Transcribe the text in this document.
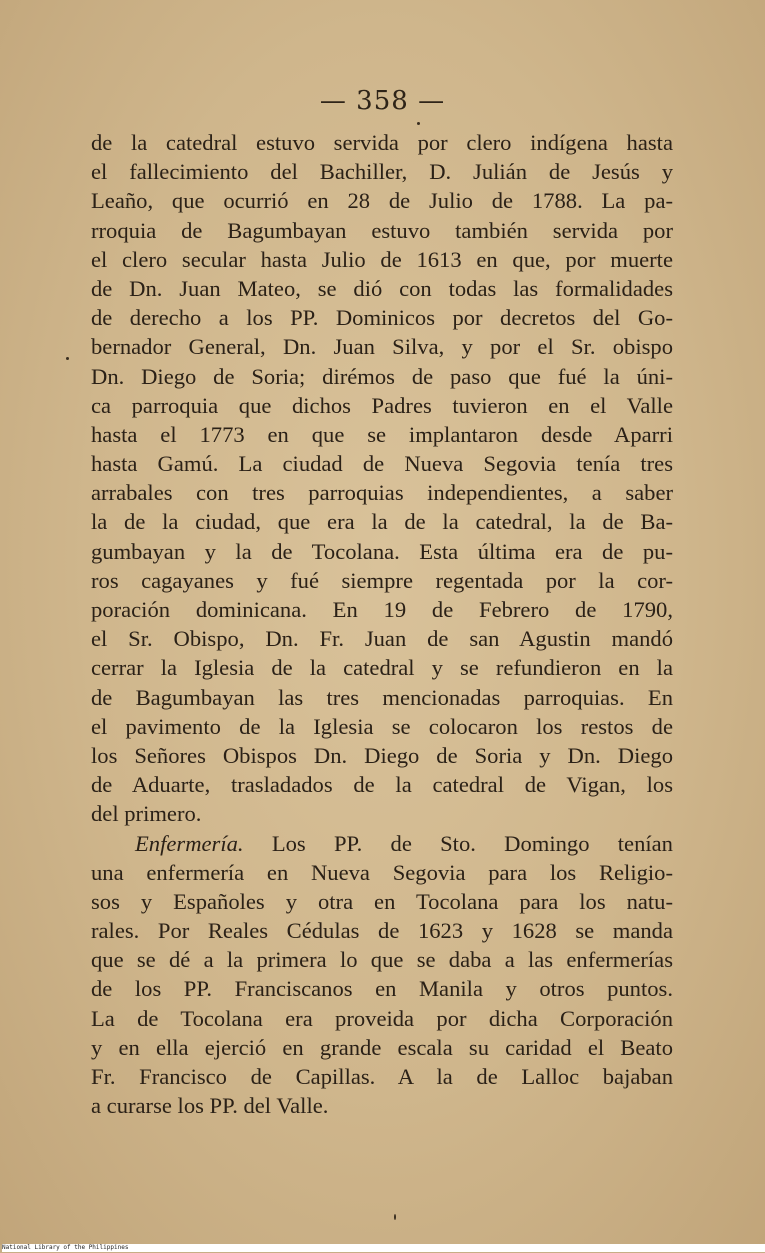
— 358 —
de la catedral estuvo servida por clero indígena hasta
el fallecimiento del Bachiller, D. Julián de Jesús y
Leaño, que ocurrió en 28 de Julio de 1788. La pa-
rroquia de Bagumbayan estuvo también servida por
el clero secular hasta Julio de 1613 en que, por muerte
de Dn. Juan Mateo, se dió con todas las formalidades
de derecho a los PP. Dominicos por decretos del Go-
bernador General, Dn. Juan Silva, y por el Sr. obispo
Dn. Diego de Soria; dirémos de paso que fué la úni-
ca parroquia que dichos Padres tuvieron en el Valle
hasta el 1773 en que se implantaron desde Aparri
hasta Gamú. La ciudad de Nueva Segovia tenía tres
arrabales con tres parroquias independientes, a saber
la de la ciudad, que era la de la catedral, la de Ba-
gumbayan y la de Tocolana. Esta última era de pu-
ros cagayanes y fué siempre regentada por la cor-
poración dominicana. En 19 de Febrero de 1790,
el Sr. Obispo, Dn. Fr. Juan de san Agustin mandó
cerrar la Iglesia de la catedral y se refundieron en la
de Bagumbayan las tres mencionadas parroquias. En
el pavimento de la Iglesia se colocaron los restos de
los Señores Obispos Dn. Diego de Soria y Dn. Diego
de Aduarte, trasladados de la catedral de Vigan, los
del primero.
Enfermería. Los PP. de Sto. Domingo tenían
una enfermería en Nueva Segovia para los Religio-
sos y Españoles y otra en Tocolana para los natu-
rales. Por Reales Cédulas de 1623 y 1628 se manda
que se dé a la primera lo que se daba a las enfermerías
de los PP. Franciscanos en Manila y otros puntos.
La de Tocolana era proveida por dicha Corporación
y en ella ejerció en grande escala su caridad el Beato
Fr. Francisco de Capillas. A la de Lalloc bajaban
a curarse los PP. del Valle.
National Library of the Philippines
